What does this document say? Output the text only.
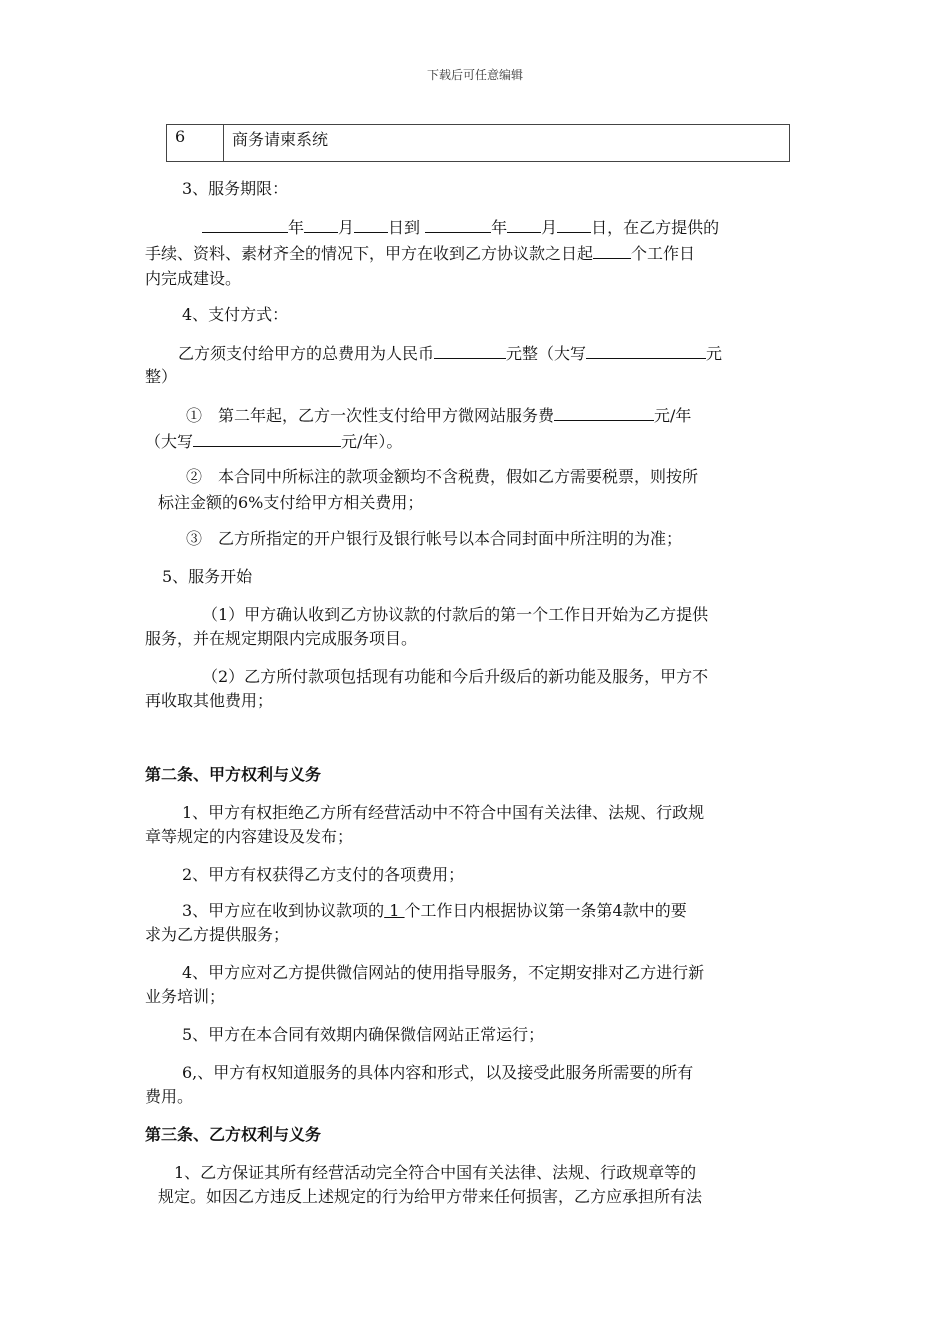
下载后可任意编辑
6	商务请柬系统

3、服务期限：

年 月 日到	年 月 日，在乙方提供的

手续、资料、素材齐全的情况下，甲方在收到乙方协议款之日起 个工作日

内完成建设。

4、支付方式：

乙方须支付给甲方的总费用为人民币	元整（大写	元

整）

①　第二年起，乙方一次性支付给甲方微网站服务费	元/年

（大写	元/年）。

②　本合同中所标注的款项金额均不含税费，假如乙方需要税票，则按所

标注金额的6%支付给甲方相关费用；

③　乙方所指定的开户银行及银行帐号以本合同封面中所注明的为准；

5、服务开始

（1）甲方确认收到乙方协议款的付款后的第一个工作日开始为乙方提供

服务，并在规定期限内完成服务项目。

（2）乙方所付款项包括现有功能和今后升级后的新功能及服务，甲方不

再收取其他费用；

第二条、甲方权利与义务

1、甲方有权拒绝乙方所有经营活动中不符合中国有关法律、法规、行政规

章等规定的内容建设及发布；

2、甲方有权获得乙方支付的各项费用；

3、甲方应在收到协议款项的 1 个工作日内根据协议第一条第4款中的要

求为乙方提供服务；

4、甲方应对乙方提供微信网站的使用指导服务，不定期安排对乙方进行新

业务培训；

5、甲方在本合同有效期内确保微信网站正常运行；

6,、甲方有权知道服务的具体内容和形式，以及接受此服务所需要的所有

费用。

第三条、乙方权利与义务

1、乙方保证其所有经营活动完全符合中国有关法律、法规、行政规章等的

规定。如因乙方违反上述规定的行为给甲方带来任何损害，乙方应承担所有法
